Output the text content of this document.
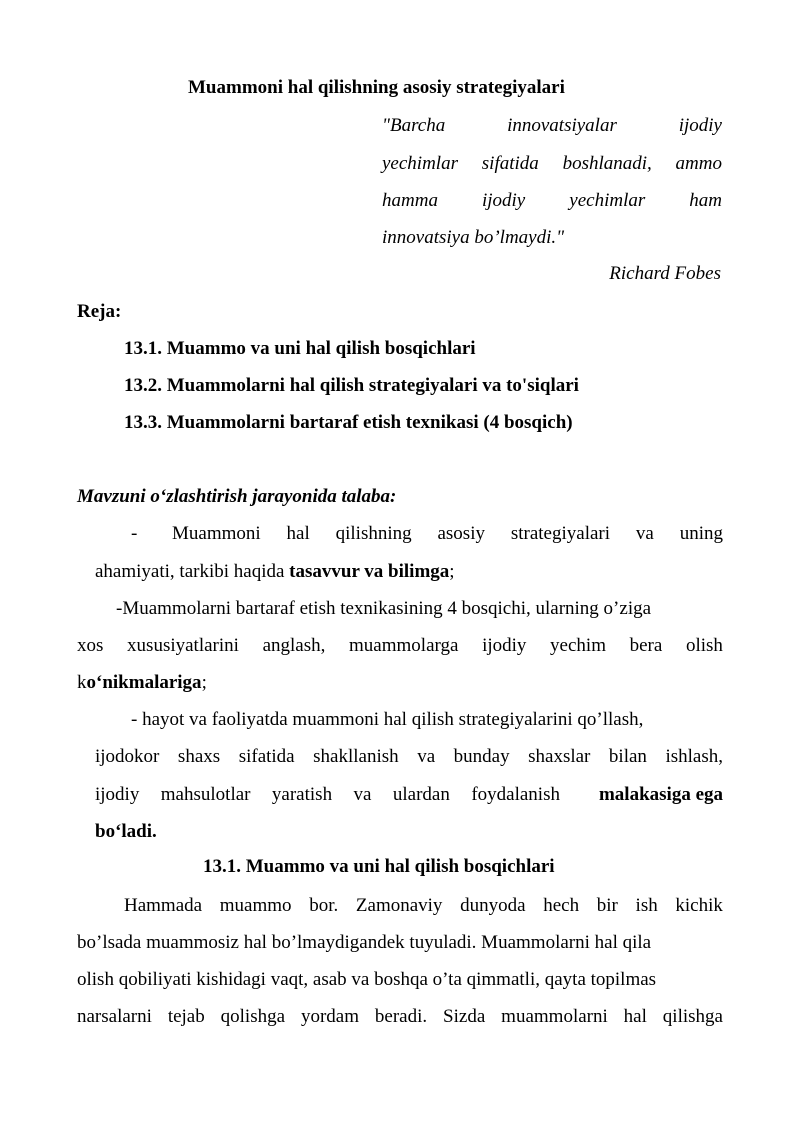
Muammoni hal qilishning asosiy strategiyalari
"Barcha	innovatsiyalar	ijodiy
yechimlar sifatida boshlanadi, ammo
hamma ijodiy yechimlar ham
innovatsiya bo’lmaydi."
Richard Fobes
Reja:
13.1. Muammo va uni hal qilish bosqichlari
13.2. Muammolarni hal qilish strategiyalari va to'siqlari
13.3. Muammolarni bartaraf etish texnikasi (4 bosqich)
Mavzuni o‘zlashtirish jarayonida talaba:
- Muammoni hal qilishning asosiy strategiyalari va uning
ahamiyati, tarkibi haqida tasavvur va bilimga;
-Muammolarni bartaraf etish texnikasining 4 bosqichi, ularning o’ziga
xos xususiyatlarini anglash, muammolarga ijodiy yechim bera olish
ko‘nikmalariga;
- hayot va faoliyatda muammoni hal qilish strategiyalarini qo’llash,
ijodokor shaxs sifatida shakllanish va bunday shaxslar bilan ishlash,
ijodiy mahsulotlar yaratish va ulardan foydalanish malakasiga ega
bo‘ladi.
13.1. Muammo va uni hal qilish bosqichlari
Hammada muammo bor. Zamonaviy dunyoda hech bir ish kichik
bo’lsada muammosiz hal bo’lmaydigandek tuyuladi. Muammolarni hal qila
olish qobiliyati kishidagi vaqt, asab va boshqa o’ta qimmatli, qayta topilmas
narsalarni tejab qolishga yordam beradi. Sizda muammolarni hal qilishga
